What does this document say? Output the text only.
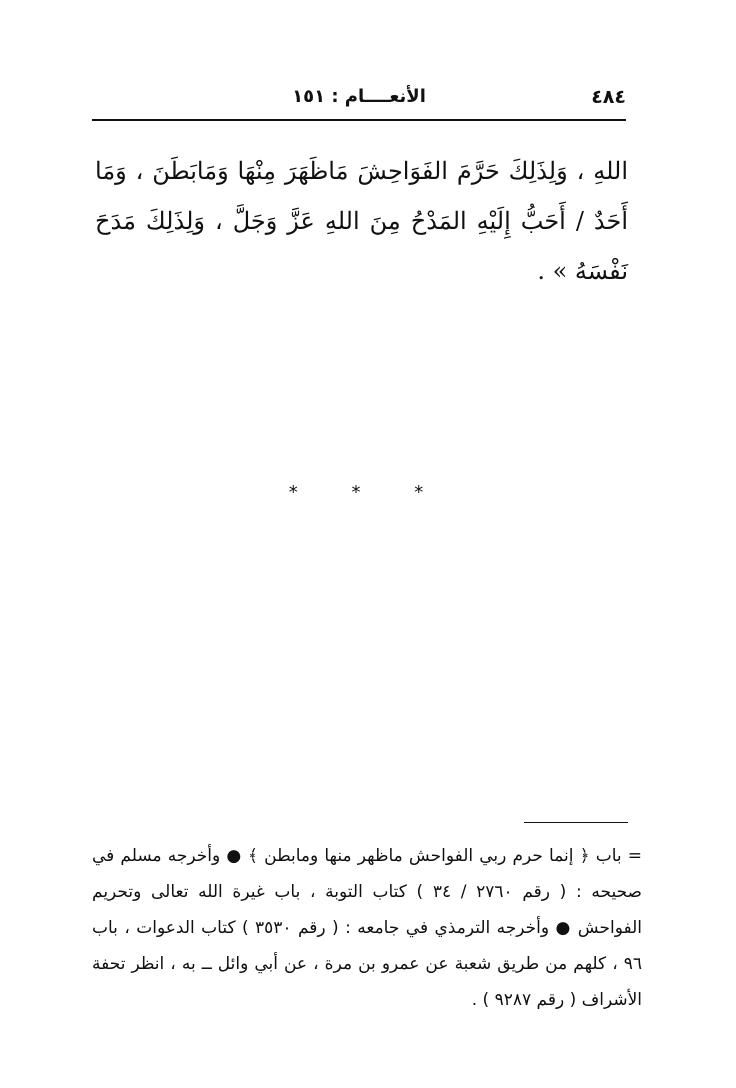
٤٨٤
الأنعــــام : ١٥١
اللهِ ، وَلِذَلِكَ حَرَّمَ الفَوَاحِشَ مَاظَهَرَ مِنْهَا وَمَابَطَنَ ، وَمَا أَحَدٌ / أَحَبُّ إِلَيْهِ المَدْحُ مِنَ اللهِ عَزَّ وَجَلَّ ، وَلِذَلِكَ مَدَحَ نَفْسَهُ » .
* * *
= باب ﴿ إنما حرم ربي الفواحش ماظهر منها ومابطن ﴾ ● وأخرجه مسلم في صحيحه : ( رقم ٢٧٦٠ / ٣٤ ) كتاب التوبة ، باب غيرة الله تعالى وتحريم الفواحش ● وأخرجه الترمذي في جامعه : ( رقم ٣٥٣٠ ) كتاب الدعوات ، باب ٩٦ ، كلهم من طريق شعبة عن عمرو بن مرة ، عن أبي وائل ــ به ، انظر تحفة الأشراف ( رقم ٩٢٨٧ ) .
